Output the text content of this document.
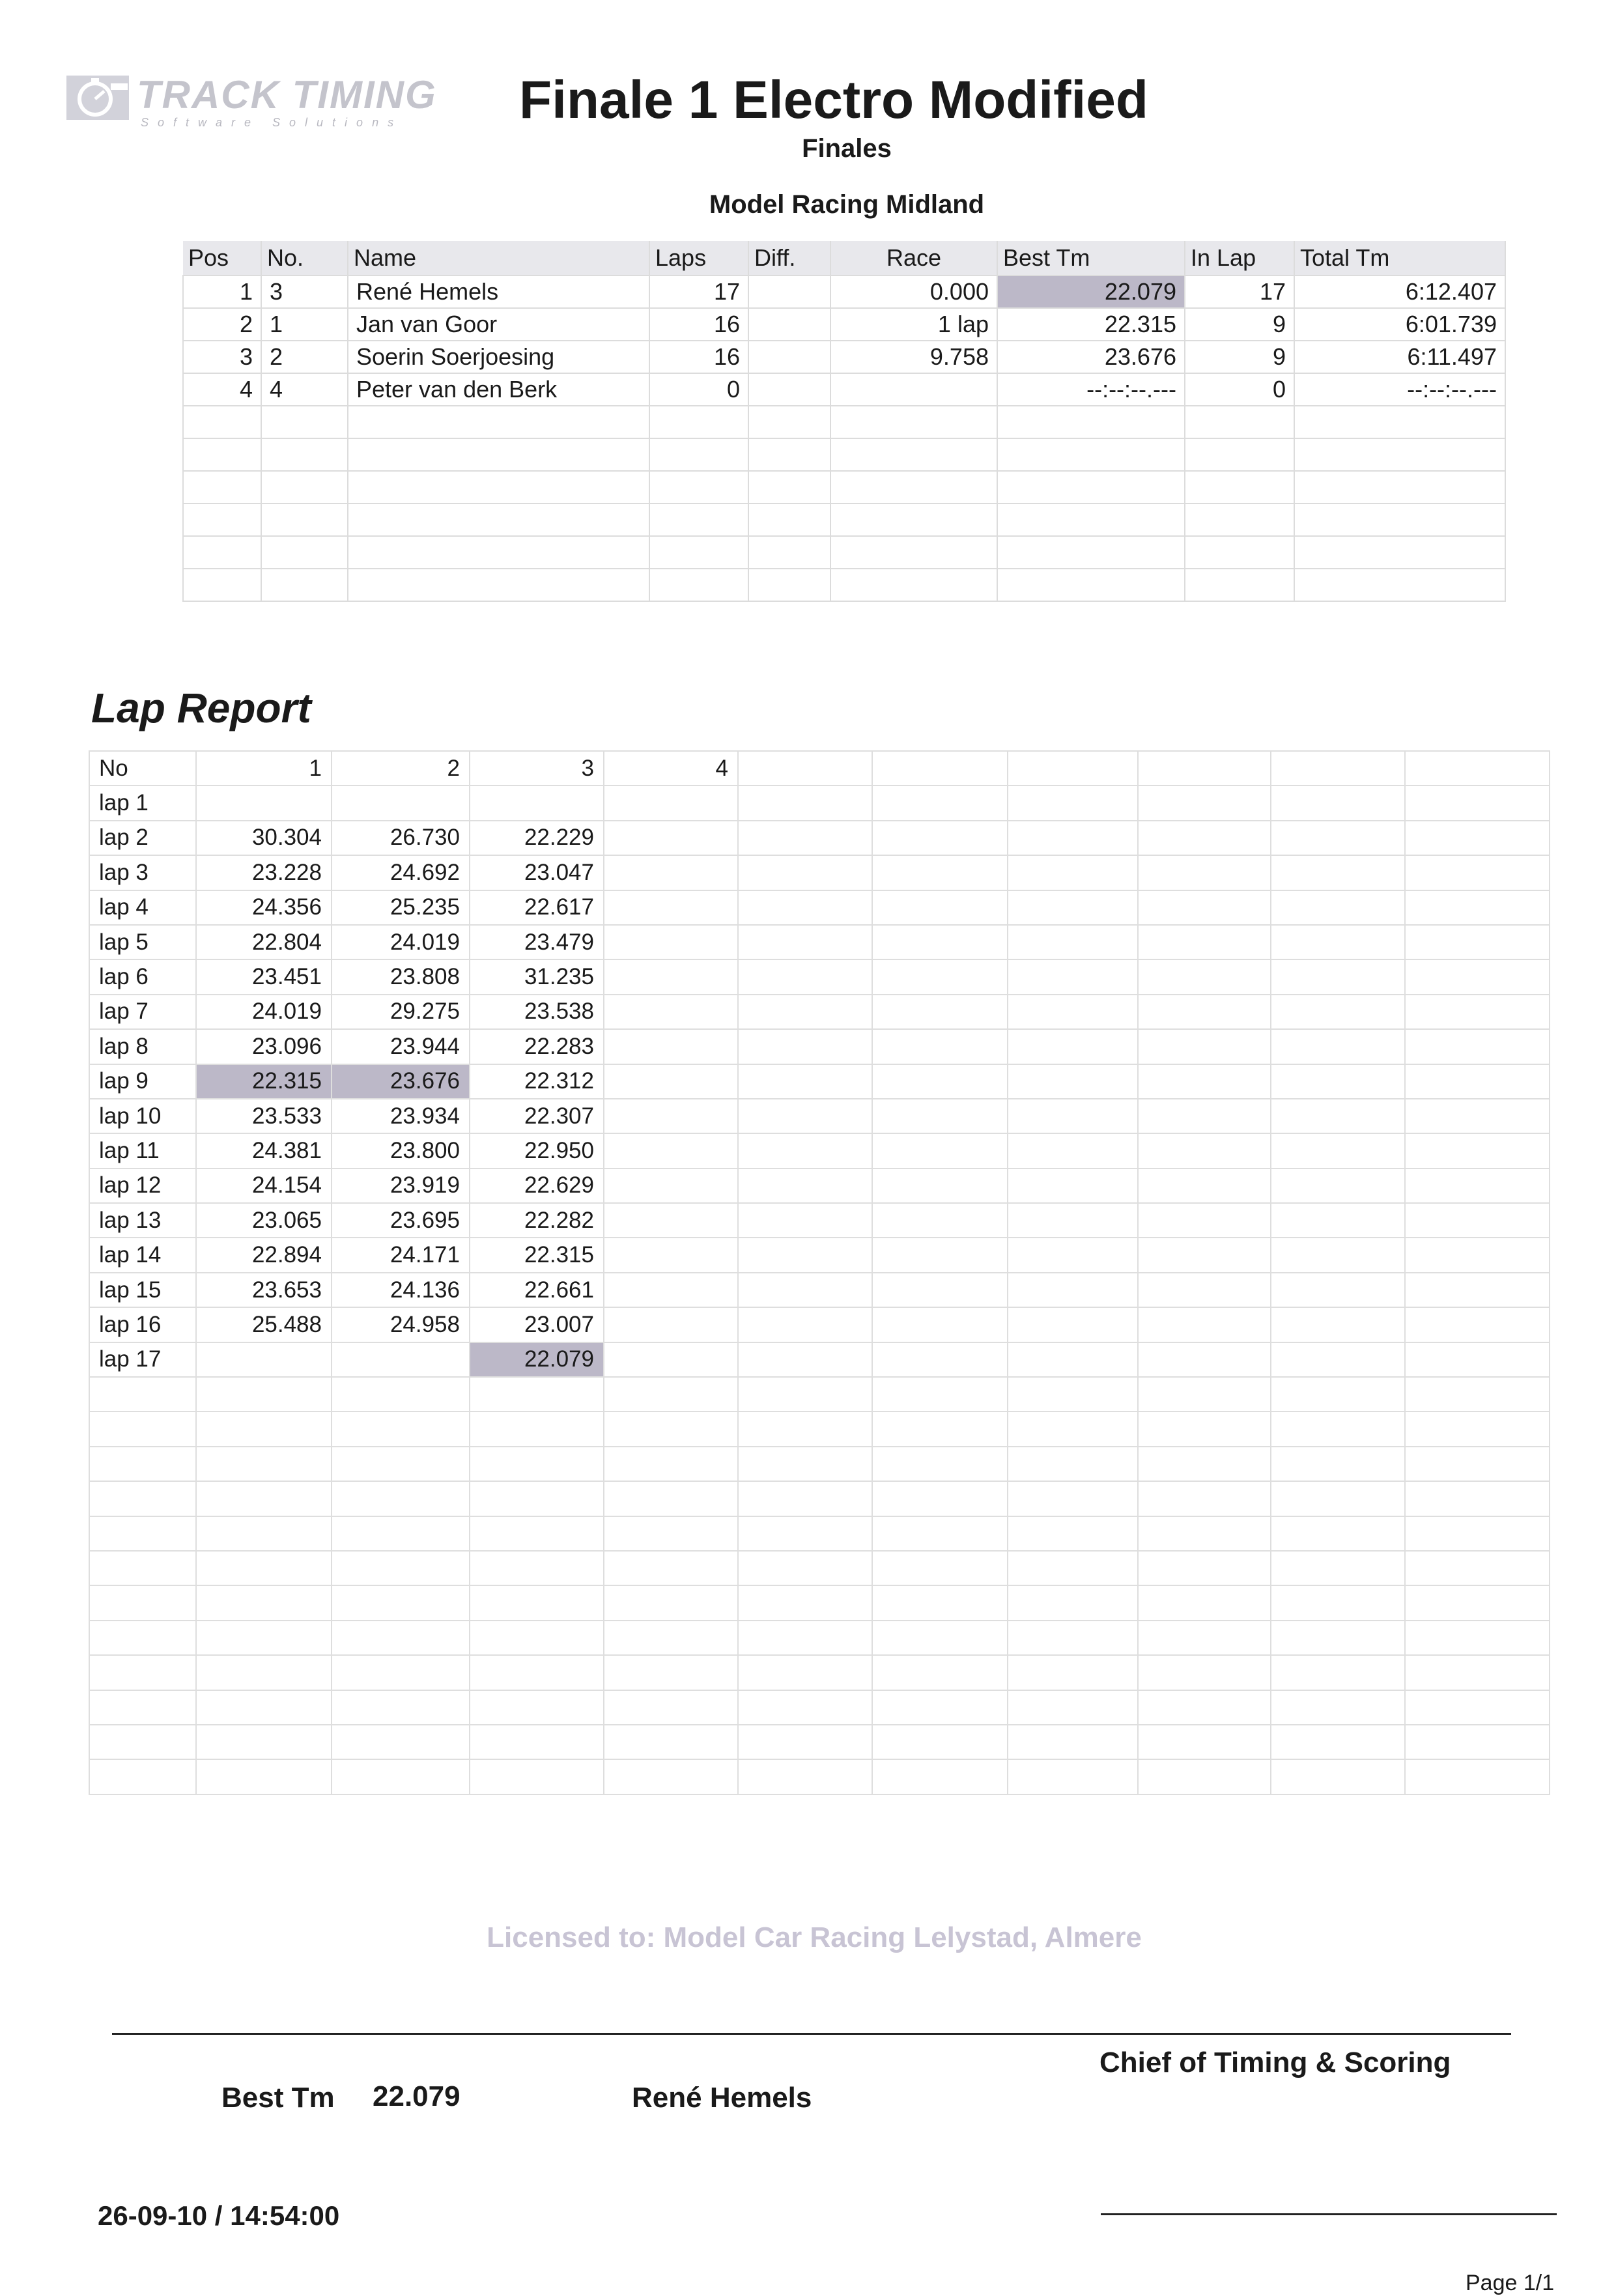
TRACK TIMING
Software Solutions	Finale 1 Electro Modified
Finales
Model Racing Midland
Pos	No.	Name	Laps	Diff.	Race	Best Tm	In Lap	Total Tm
1	3	René Hemels	17		0.000	22.079	17	6:12.407
2	1	Jan van Goor	16		1 lap	22.315	9	6:01.739
3	2	Soerin Soerjoesing	16		9.758	23.676	9	6:11.497
4	4	Peter van den Berk	0			--:--:--.---	0	--:--:--.---

Lap Report
No	1	2	3	4						
lap 1										
lap 2	30.304	26.730	22.229							
lap 3	23.228	24.692	23.047							
lap 4	24.356	25.235	22.617							
lap 5	22.804	24.019	23.479							
lap 6	23.451	23.808	31.235							
lap 7	24.019	29.275	23.538							
lap 8	23.096	23.944	22.283							
lap 9	22.315	23.676	22.312							
lap 10	23.533	23.934	22.307							
lap 11	24.381	23.800	22.950							
lap 12	24.154	23.919	22.629							
lap 13	23.065	23.695	22.282							
lap 14	22.894	24.171	22.315							
lap 15	23.653	24.136	22.661							
lap 16	25.488	24.958	23.007							
lap 17			22.079							

Licensed to: Model Car Racing Lelystad, Almere
Chief of Timing & Scoring
Best Tm 22.079	René Hemels
26-09-10 / 14:54:00
Page 1/1
